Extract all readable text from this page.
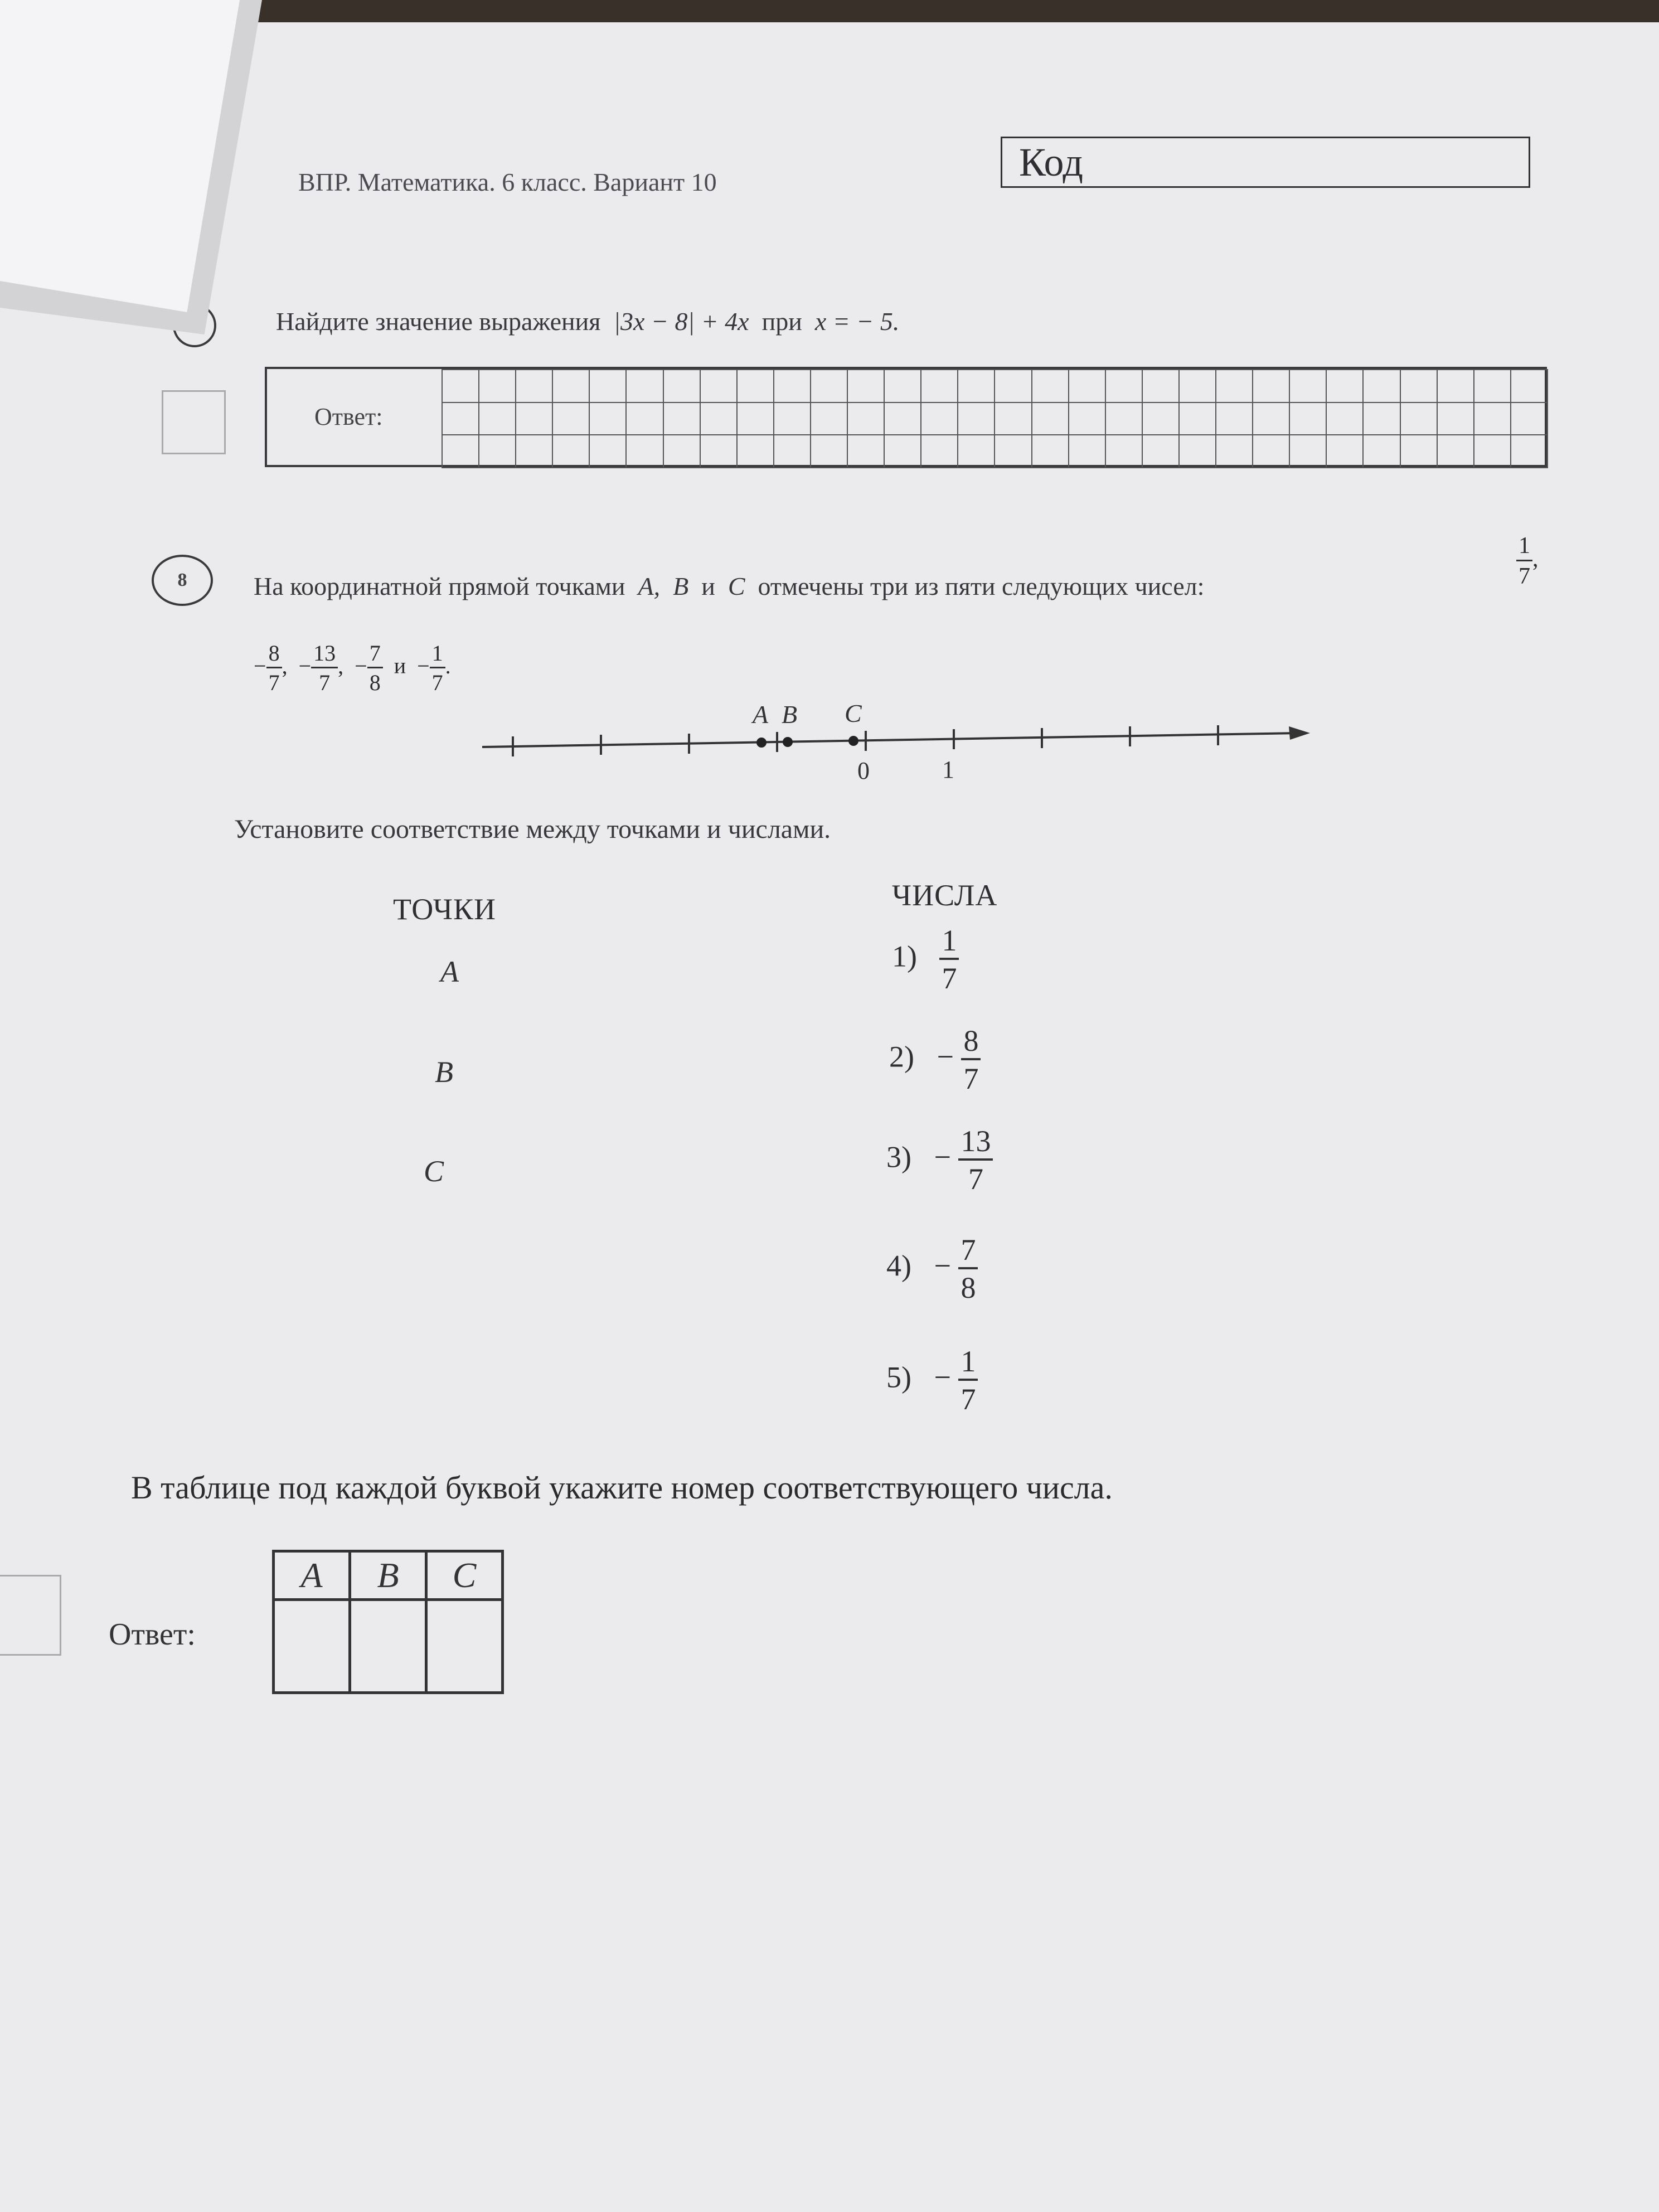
ВПР. Математика. 6 класс. Вариант 10	Код
Найдите значение выражения |3x − 8| + 4x при x = − 5.
Ответ:
8	На координатной прямой точками A, B и C отмечены три из пяти следующих чисел:	$\frac{1}{7}$ ,
− $\frac{8}{7}$ , − $\frac{13}{7}$ , − $\frac{7}{8}$ $и - \frac{1}{7}$ .
A B C
0	1
Установите соответствие между точками и числами.
ТОЧКИ	ЧИСЛА
A
B
C
$1) \frac{1}{7}$
$2) - \frac{8}{7}$
$3) - \frac{13}{7}$
$4) - \frac{7}{8}$
$5) - \frac{1}{7}$
В таблице под каждой буквой укажите номер соответствующего числа.
Ответ:
A	B	C
